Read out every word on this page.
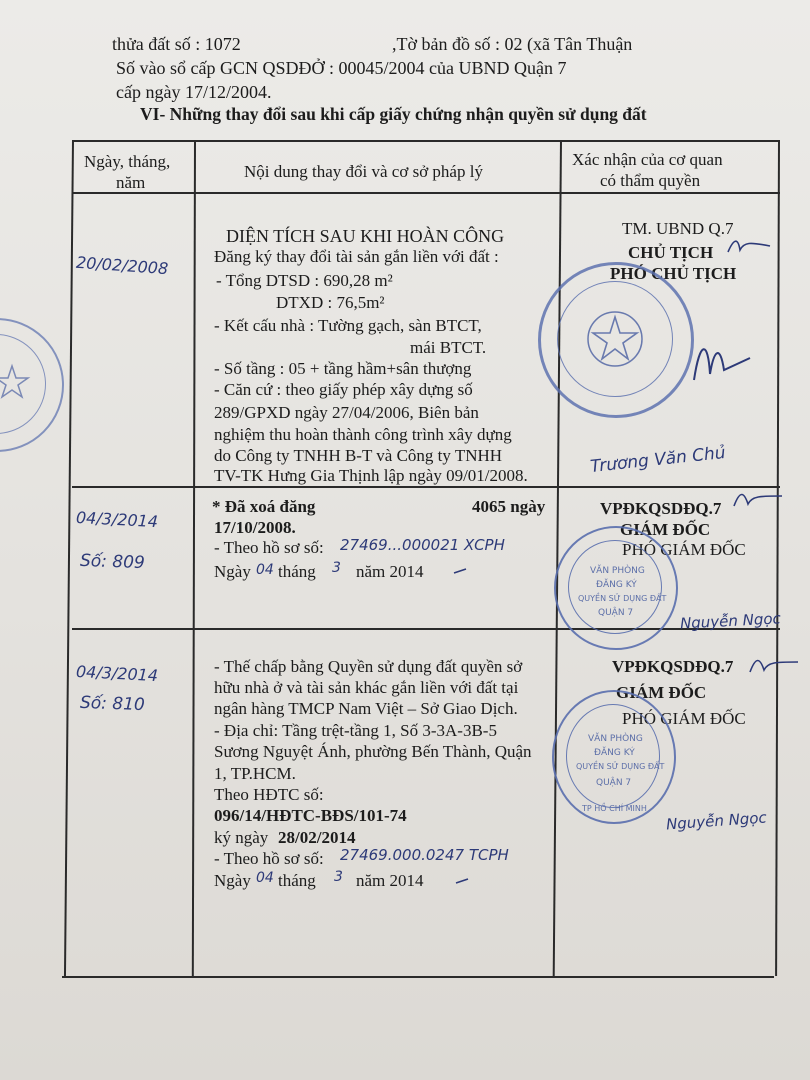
thửa đất số : 1072	,Tờ bản đồ số : 02 (xã Tân Thuận
Số vào sổ cấp GCN QSDĐỞ : 00045/2004 của UBND Quận 7
cấp ngày 17/12/2004.
VI- Những thay đổi sau khi cấp giấy chứng nhận quyền sử dụng đất
Ngày, tháng,
năm
Nội dung thay đổi và cơ sở pháp lý
Xác nhận của cơ quan
có thẩm quyền
20/02/2008
DIỆN TÍCH SAU KHI HOÀN CÔNG
Đăng ký thay đổi tài sản gắn liền với đất :
- Tổng DTSD : 690,28 m²
DTXD : 76,5m²
- Kết cấu nhà : Tường gạch, sàn BTCT,
mái BTCT.
- Số tầng : 05 + tầng hầm+sân thượng
- Căn cứ : theo giấy phép xây dựng số
289/GPXD ngày 27/04/2006, Biên bản
nghiệm thu hoàn thành công trình xây dựng
do Công ty TNHH B-T và Công ty TNHH
TV-TK Hưng Gia Thịnh lập ngày 09/01/2008.
TM. UBND Q.7
CHỦ TỊCH
PHÓ CHỦ TỊCH
Trương Văn Chủ
04/3/2014
Số: 809
* Đã xoá đăng	4065 ngày
17/10/2008.
- Theo hồ sơ số: 27469...000021 XCPH
Ngày 04 tháng 3 năm 2014
VPĐKQSDĐQ.7
GIÁM ĐỐC
PHÓ GIÁM ĐỐC
Nguyễn Ngọc
04/3/2014
Số: 810
- Thế chấp bằng Quyền sử dụng đất quyền sở
hữu nhà ở và tài sản khác gắn liền với đất tại
ngân hàng TMCP Nam Việt – Sở Giao Dịch.
- Địa chỉ: Tầng trệt-tầng 1, Số 3-3A-3B-5
Sương Nguyệt Ánh, phường Bến Thành, Quận
1, TP.HCM.
Theo HĐTC số:
096/14/HĐTC-BĐS/101-74
ký ngày 28/02/2014
- Theo hồ sơ số: 27469.000.0247 TCPH
Ngày 04 tháng 3 năm 2014
VPĐKQSDĐQ.7
GIÁM ĐỐC
PHÓ GIÁM ĐỐC
Nguyễn Ngọc
VĂN PHÒNG
ĐĂNG KÝ
QUYỀN SỬ DỤNG ĐẤT
QUẬN 7
VĂN PHÒNG
ĐĂNG KÝ
QUYỀN SỬ DỤNG ĐẤT
QUẬN 7
TP HỒ CHÍ MINH
